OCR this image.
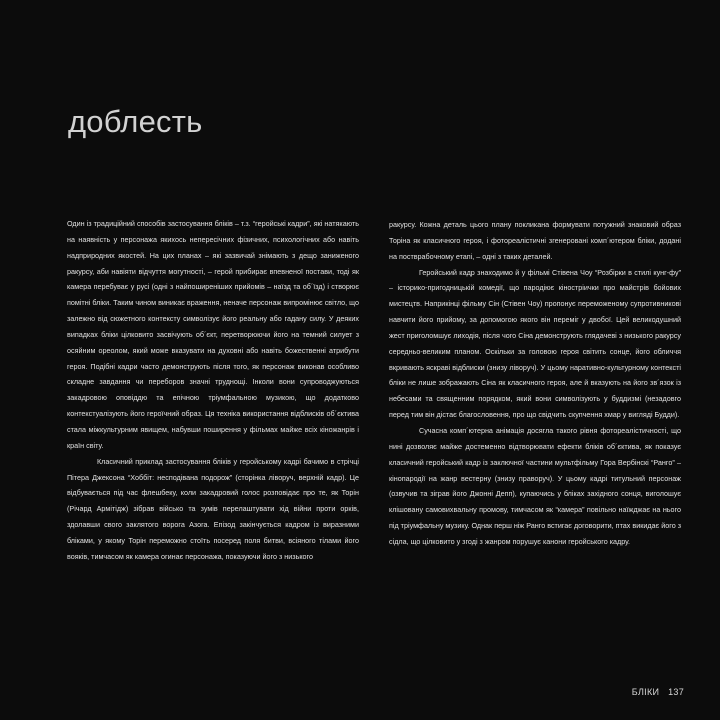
доблесть

Один із традиційний способів застосування бліків – т.з. “геройські кадри”, які натякають на наявність у персонажа якихось непересічних фізичних, психологічних або навіть надприродних якостей. На цих планах – які зазвичай знімають з дещо заниженого ракурсу, аби навіяти відчуття могутності, – герой прибирає впевненої постави, тоді як камера перебуває у русі (одні з найпоширеніших прийомів – наїзд та об´їзд) і створює помітні бліки. Таким чином виникає враження, неначе персонаж випромінює світло, що залежно від сюжетного контексту символізує його реальну або гадану силу. У деяких випадках бліки цілковито засвічують об´єкт, перетворюючи його на темний силует з осяйним ореолом, який може вказувати на духовні або навіть божественні атрибути героя. Подібні кадри часто демонструють після того, як персонаж виконав особливо складне завдання чи переборов значні труднощі. Інколи вони супроводжуються закадровою оповіддю та епічною тріумфальною музикою, що додатково контекстуалізують його героїчний образ. Ця техніка використання відблисків об´єктива стала міжкультурним явищем, набувши поширення у фільмах майже всіх кіножанрів і країн світу.

Класичний приклад застосування бліків у геройському кадрі бачимо в стрічці Пітера Джексона “Хоббіт: несподівана подорож” (сторінка ліворуч, верхній кадр). Це відбувається під час флешбеку, коли закадровий голос розповідає про те, як Торін (Річард Армітідж) зібрав військо та зумів перелаштувати хід війни проти орків, здолавши свого заклятого ворога Азога. Епізод закінчується кадром із виразними бліками, у якому Торін переможно стоїть посеред поля битви, всіяного тілами його вояків, тимчасом як камера огинає персонажа, показуючи його з низького

ракурсу. Кожна деталь цього плану покликана формувати потужний знаковий образ Торіна як класичного героя, і фотореалістичні згенеровані комп´ютером бліки, додані на постврабочному етапі, – одні з таких деталей.

Геройський кадр знаходимо й у фільмі Стівена Чоу “Розбірки в стилі кунг-фу” – історико-пригодницькій комедії, що пародіює кіностріички про майстрів бойових мистецтв. Наприкінці фільму Сін (Стівен Чоу) пропонує переможеному супротивникові навчити його прийому, за допомогою якого він переміг у двобої. Цей великодушний жест приголомшує лиходія, після чого Сіна демонструють глядачеві з низького ракурсу середньо-великим планом. Оскільки за головою героя світить сонце, його обличчя вкривають яскраві відблиски (знизу ліворуч). У цьому наративно-культурному контексті бліки не лише зображають Сіна як класичного героя, але й вказують на його зв´язок із небесами та священним порядком, який вони символізують у буддизмі (незадовго перед тим він дістає благословення, про що свідчить скупчення хмар у вигляді Будди).

Сучасна комп´ютерна анімація досягла такого рівня фотореалістичності, що нині дозволяє майже достеменно відтворювати ефекти бліків об´єктива, як показує класичний геройський кадр із заключної частини мультфільму Гора Вербінскі “Ранго” – кінопародії на жанр вестерну (знизу праворуч). У цьому кадрі титульний персонаж (озвучив та зіграв його Джонні Депп), купаючись у бліках західного сонця, виголошує клішовану самовихвальну промову, тимчасом як “камера” повільно наїжджає на нього під тріумфальну музику. Однак перш ніж Ранго встигає договорити, птах викидає його з сідла, що цілковито у згоді з жанром порушує канони геройського кадру.

БЛІКИ 137
